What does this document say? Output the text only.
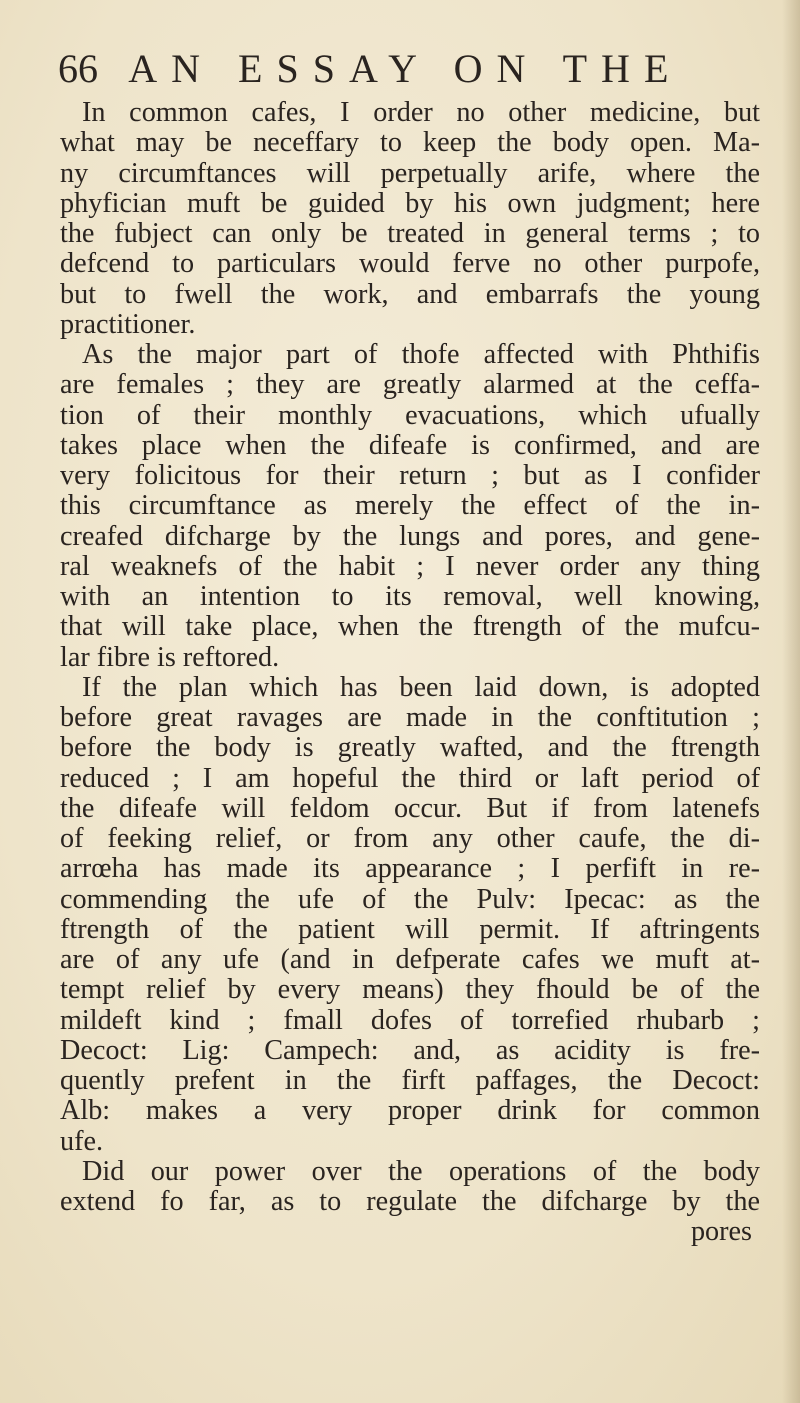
66 AN ESSAY ON THE
In common cafes, I order no other medicine, but
what may be neceffary to keep the body open. Ma-
ny circumftances will perpetually arife, where the
phyfician muft be guided by his own judgment; here
the fubject can only be treated in general terms ; to
defcend to particulars would ferve no other purpofe,
but to fwell the work, and embarrafs the young
practitioner.
As the major part of thofe affected with Phthifis
are females ; they are greatly alarmed at the ceffa-
tion of their monthly evacuations, which ufually
takes place when the difeafe is confirmed, and are
very folicitous for their return ; but as I confider
this circumftance as merely the effect of the in-
creafed difcharge by the lungs and pores, and gene-
ral weaknefs of the habit ; I never order any thing
with an intention to its removal, well knowing,
that will take place, when the ftrength of the mufcu-
lar fibre is reftored.
If the plan which has been laid down, is adopted
before great ravages are made in the conftitution ;
before the body is greatly wafted, and the ftrength
reduced ; I am hopeful the third or laft period of
the difeafe will feldom occur. But if from latenefs
of feeking relief, or from any other caufe, the di-
arrœha has made its appearance ; I perfift in re-
commending the ufe of the Pulv: Ipecac: as the
ftrength of the patient will permit. If aftringents
are of any ufe (and in defperate cafes we muft at-
tempt relief by every means) they fhould be of the
mildeft kind ; fmall dofes of torrefied rhubarb ;
Decoct: Lig: Campech: and, as acidity is fre-
quently prefent in the firft paffages, the Decoct:
Alb: makes a very proper drink for common
ufe.
Did our power over the operations of the body
extend fo far, as to regulate the difcharge by the
pores
